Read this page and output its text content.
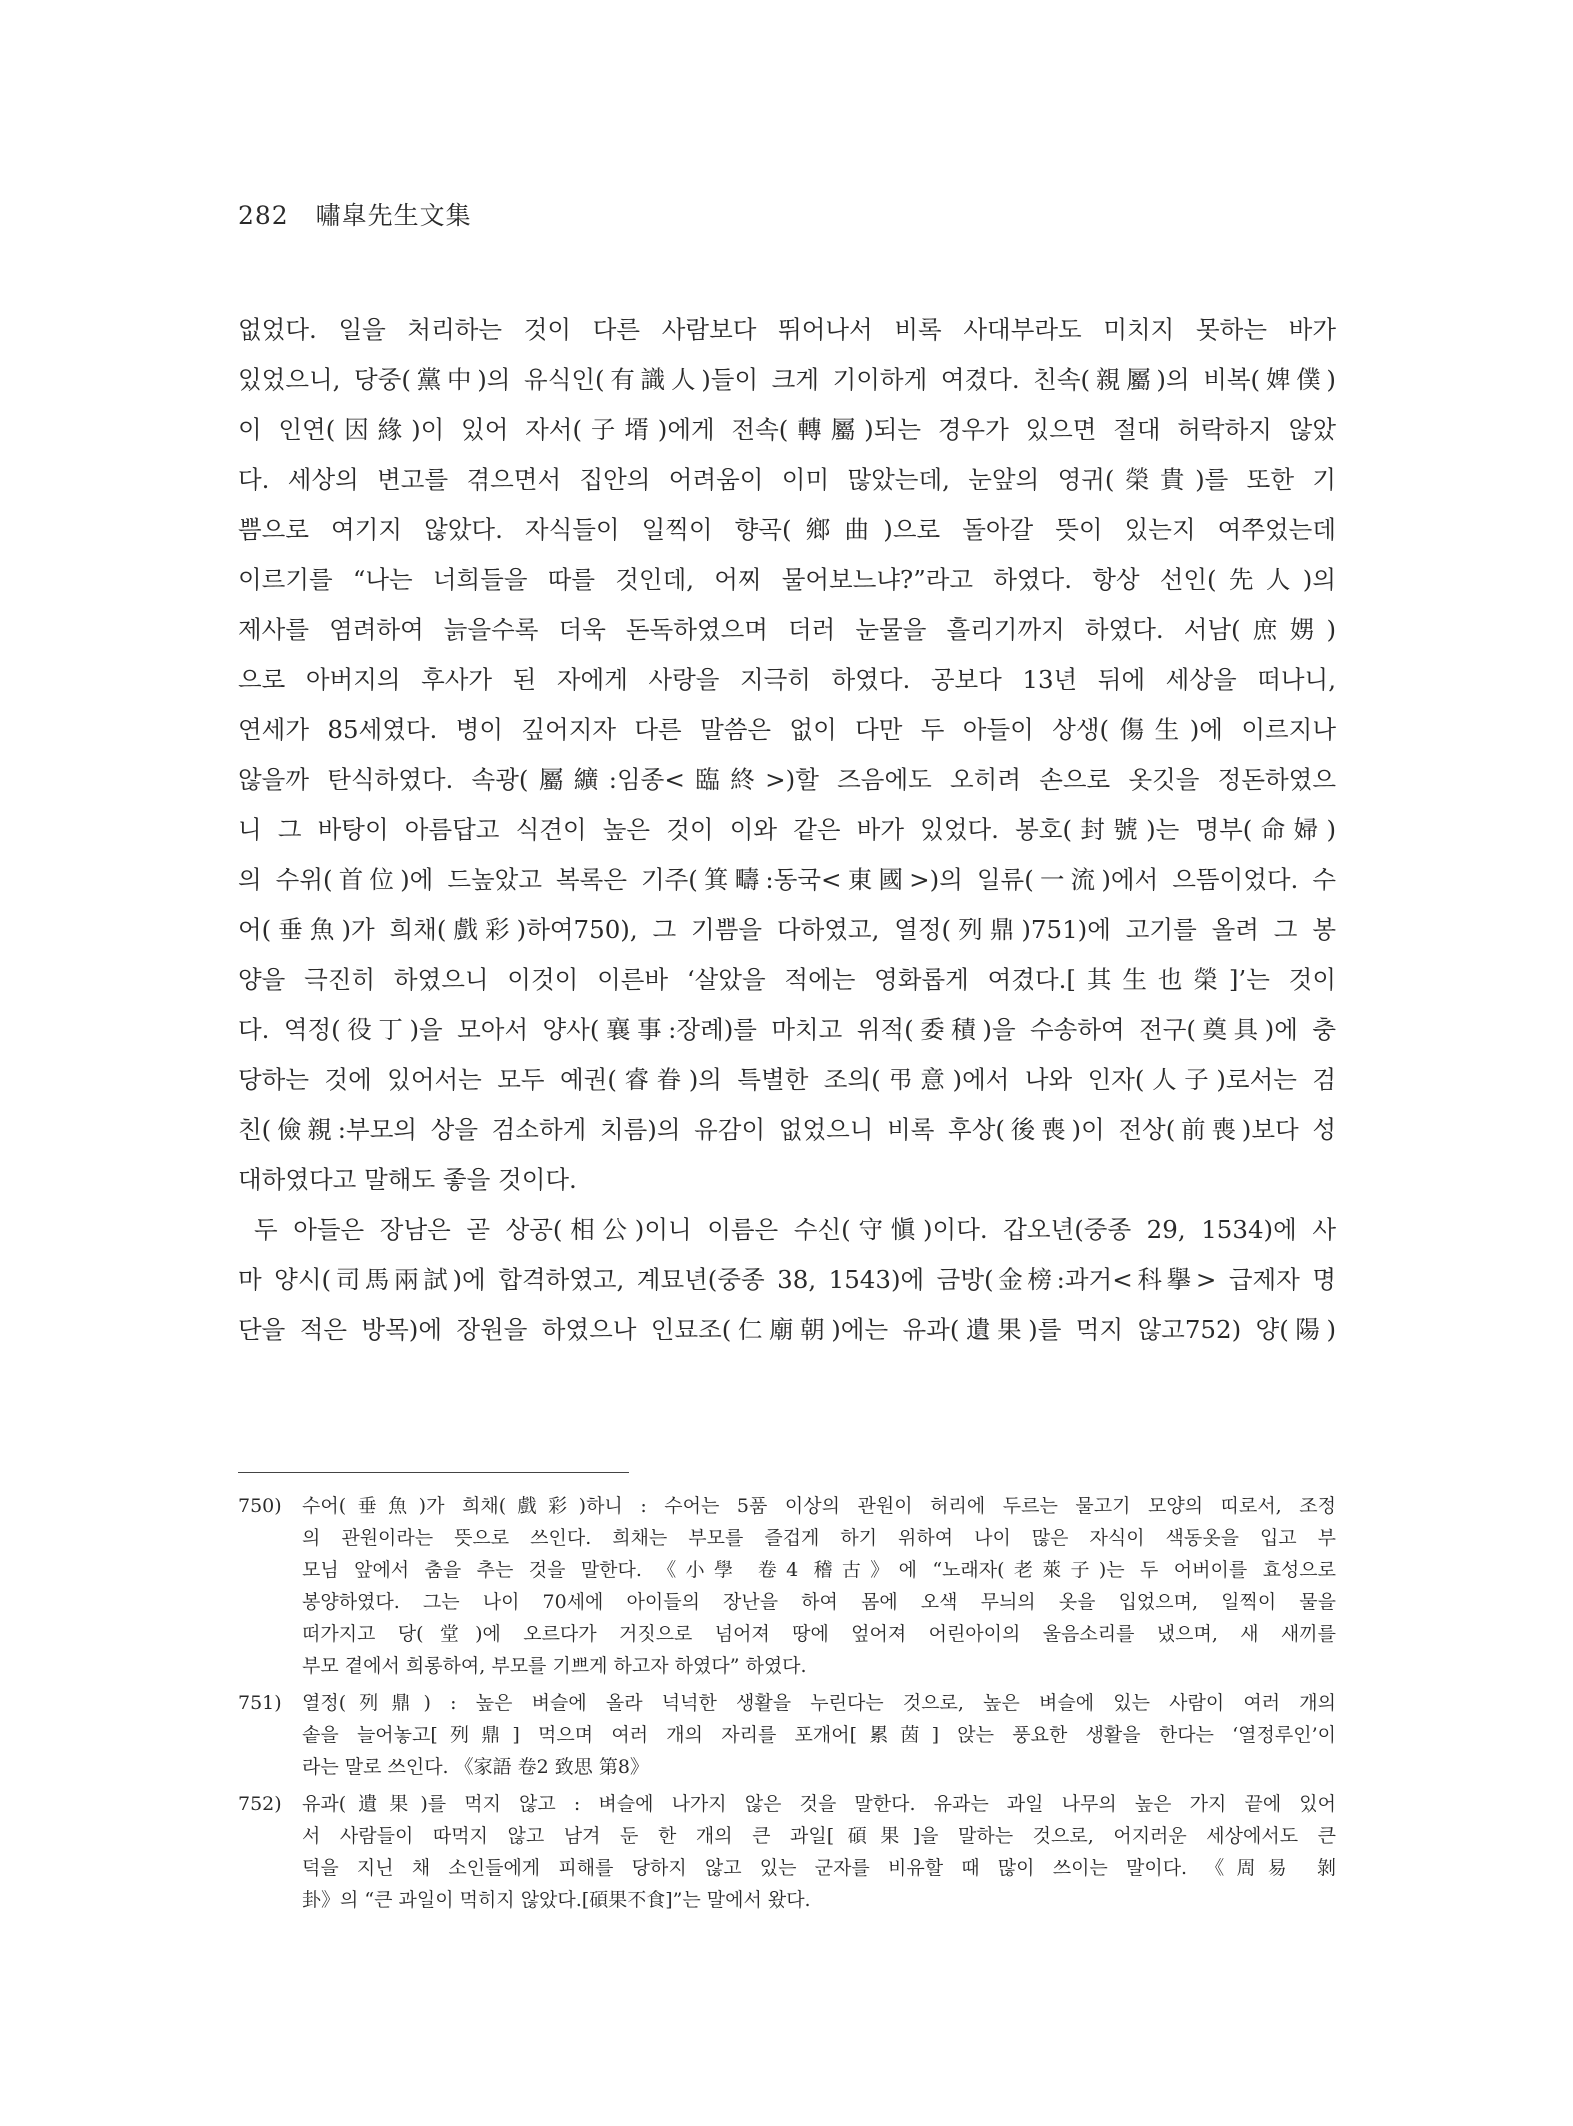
282 嘯皐先生文集
없었다. 일을 처리하는 것이 다른 사람보다 뛰어나서 비록 사대부라도 미치지 못하는 바가
있었으니, 당중(黨中)의 유식인(有識人)들이 크게 기이하게 여겼다. 친속(親屬)의 비복(婢僕)
이 인연(因緣)이 있어 자서(子壻)에게 전속(轉屬)되는 경우가 있으면 절대 허락하지 않았
다. 세상의 변고를 겪으면서 집안의 어려움이 이미 많았는데, 눈앞의 영귀(榮貴)를 또한 기
쁨으로 여기지 않았다. 자식들이 일찍이 향곡(鄉曲)으로 돌아갈 뜻이 있는지 여쭈었는데
이르기를 “나는 너희들을 따를 것인데, 어찌 물어보느냐?”라고 하였다. 항상 선인(先人)의
제사를 염려하여 늙을수록 더욱 돈독하였으며 더러 눈물을 흘리기까지 하였다. 서남(庶娚)
으로 아버지의 후사가 된 자에게 사랑을 지극히 하였다. 공보다 13년 뒤에 세상을 떠나니,
연세가 85세였다. 병이 깊어지자 다른 말씀은 없이 다만 두 아들이 상생(傷生)에 이르지나
않을까 탄식하였다. 속광(屬纊:임종<臨終>)할 즈음에도 오히려 손으로 옷깃을 정돈하였으
니 그 바탕이 아름답고 식견이 높은 것이 이와 같은 바가 있었다. 봉호(封號)는 명부(命婦)
의 수위(首位)에 드높았고 복록은 기주(箕疇:동국<東國>)의 일류(一流)에서 으뜸이었다. 수
어(垂魚)가 희채(戲彩)하여750), 그 기쁨을 다하였고, 열정(列鼎)751)에 고기를 올려 그 봉
양을 극진히 하였으니 이것이 이른바 ‘살았을 적에는 영화롭게 여겼다.[其生也榮]’는 것이
다. 역정(役丁)을 모아서 양사(襄事:장례)를 마치고 위적(委積)을 수송하여 전구(奠具)에 충
당하는 것에 있어서는 모두 예권(睿眷)의 특별한 조의(弔意)에서 나와 인자(人子)로서는 검
친(儉親:부모의 상을 검소하게 치름)의 유감이 없었으니 비록 후상(後喪)이 전상(前喪)보다 성
대하였다고 말해도 좋을 것이다.
두 아들은 장남은 곧 상공(相公)이니 이름은 수신(守愼)이다. 갑오년(중종 29, 1534)에 사
마 양시(司馬兩試)에 합격하였고, 계묘년(중종 38, 1543)에 금방(金榜:과거<科擧> 급제자 명
단을 적은 방목)에 장원을 하였으나 인묘조(仁廟朝)에는 유과(遺果)를 먹지 않고752) 양(陽)
750)	수어(垂魚)가 희채(戲彩)하니 : 수어는 5품 이상의 관원이 허리에 두르는 물고기 모양의 띠로서, 조정
의 관원이라는 뜻으로 쓰인다. 희채는 부모를 즐겁게 하기 위하여 나이 많은 자식이 색동옷을 입고 부
모님 앞에서 춤을 추는 것을 말한다. 《小學 卷4 稽古》에 “노래자(老萊子)는 두 어버이를 효성으로
봉양하였다. 그는 나이 70세에 아이들의 장난을 하여 몸에 오색 무늬의 옷을 입었으며, 일찍이 물을
떠가지고 당(堂)에 오르다가 거짓으로 넘어져 땅에 엎어져 어린아이의 울음소리를 냈으며, 새 새끼를
부모 곁에서 희롱하여, 부모를 기쁘게 하고자 하였다” 하였다.
751)	열정(列鼎) : 높은 벼슬에 올라 넉넉한 생활을 누린다는 것으로, 높은 벼슬에 있는 사람이 여러 개의
솥을 늘어놓고[列鼎] 먹으며 여러 개의 자리를 포개어[累茵] 앉는 풍요한 생활을 한다는 ‘열정루인’이
라는 말로 쓰인다. 《家語 卷2 致思 第8》
752)	유과(遺果)를 먹지 않고 : 벼슬에 나가지 않은 것을 말한다. 유과는 과일 나무의 높은 가지 끝에 있어
서 사람들이 따먹지 않고 남겨 둔 한 개의 큰 과일[碩果]을 말하는 것으로, 어지러운 세상에서도 큰
덕을 지닌 채 소인들에게 피해를 당하지 않고 있는 군자를 비유할 때 많이 쓰이는 말이다. 《周易 剝
卦》의 “큰 과일이 먹히지 않았다.[碩果不食]”는 말에서 왔다.
